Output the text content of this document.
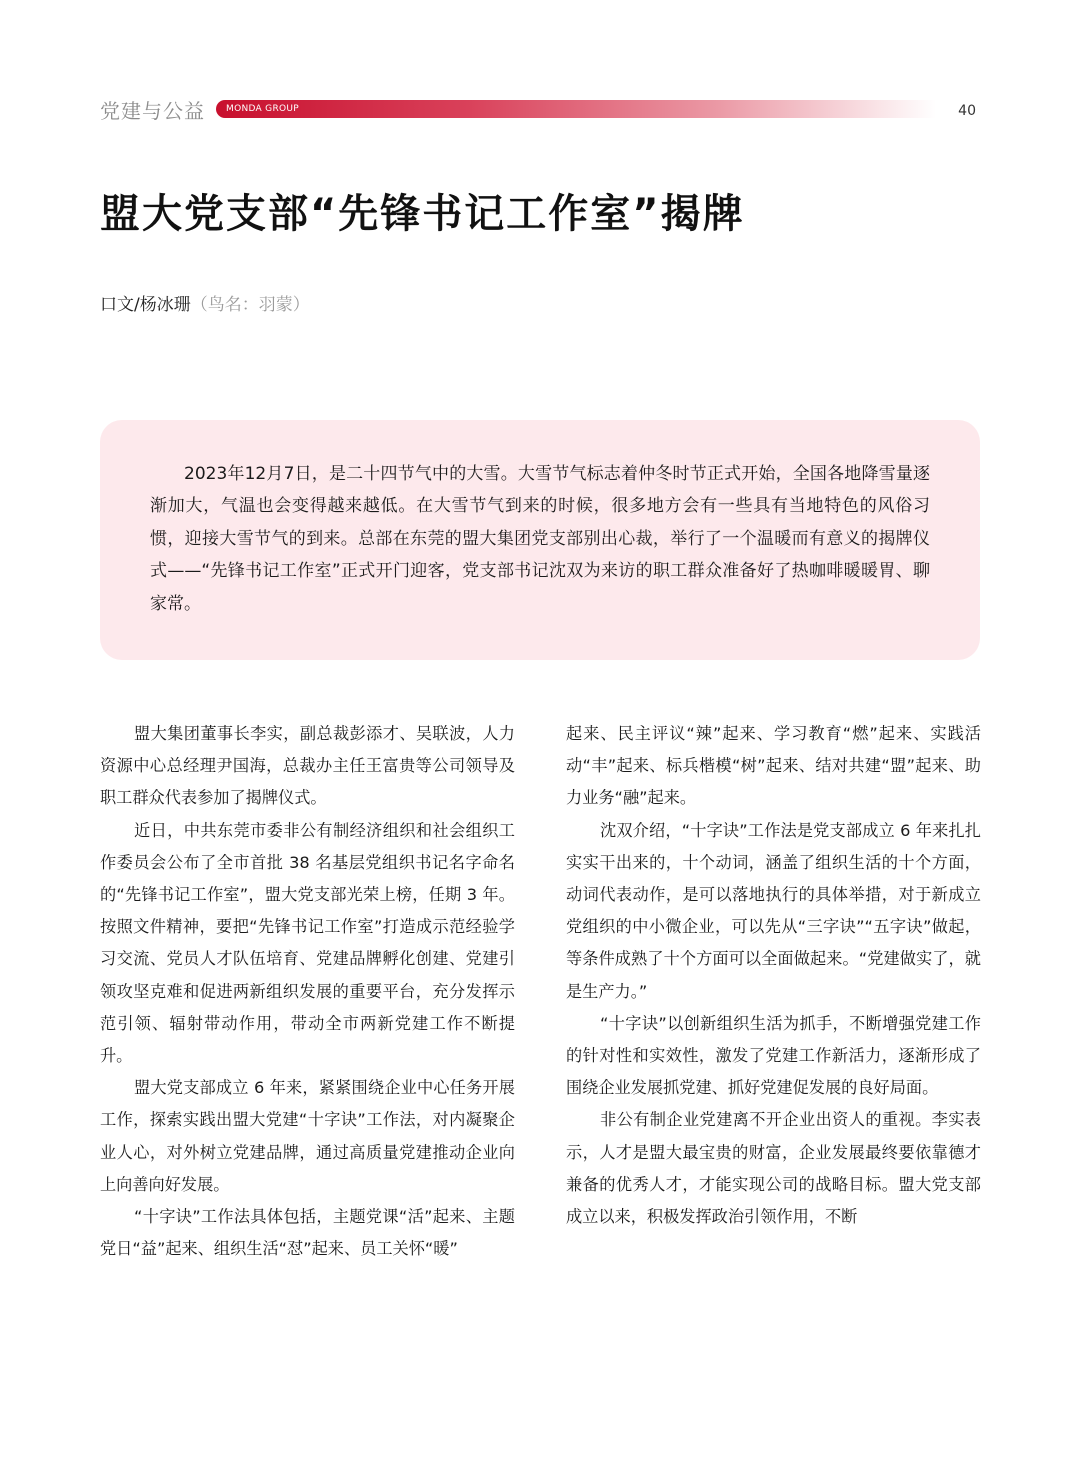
党建与公益 MONDA GROUP	40
盟大党支部“先锋书记工作室”揭牌
口文/杨冰珊（鸟名：羽蒙）

2023年12月7日，是二十四节气中的大雪。大雪节气标志着仲冬时节正式开始，全国各地降雪量逐渐加大，气温也会变得越来越低。在大雪节气到来的时候，很多地方会有一些具有当地特色的风俗习惯，迎接大雪节气的到来。总部在东莞的盟大集团党支部别出心裁，举行了一个温暖而有意义的揭牌仪式——“先锋书记工作室”正式开门迎客，党支部书记沈双为来访的职工群众准备好了热咖啡暖暖胃、聊家常。

盟大集团董事长李实，副总裁彭添才、吴联波，人力资源中心总经理尹国海，总裁办主任王富贵等公司领导及职工群众代表参加了揭牌仪式。

近日，中共东莞市委非公有制经济组织和社会组织工作委员会公布了全市首批 38 名基层党组织书记名字命名的“先锋书记工作室”，盟大党支部光荣上榜，任期 3 年。按照文件精神，要把“先锋书记工作室”打造成示范经验学习交流、党员人才队伍培育、党建品牌孵化创建、党建引领攻坚克难和促进两新组织发展的重要平台，充分发挥示范引领、辐射带动作用，带动全市两新党建工作不断提升。

盟大党支部成立 6 年来，紧紧围绕企业中心任务开展工作，探索实践出盟大党建“十字诀”工作法，对内凝聚企业人心，对外树立党建品牌，通过高质量党建推动企业向上向善向好发展。

“十字诀”工作法具体包括，主题党课“活”起来、主题党日“益”起来、组织生活“怼”起来、员工关怀“暖”

起来、民主评议“辣”起来、学习教育“燃”起来、实践活动“丰”起来、标兵楷模“树”起来、结对共建“盟”起来、助力业务“融”起来。

沈双介绍，“十字诀”工作法是党支部成立 6 年来扎扎实实干出来的，十个动词，涵盖了组织生活的十个方面，动词代表动作，是可以落地执行的具体举措，对于新成立党组织的中小微企业，可以先从“三字诀”“五字诀”做起，等条件成熟了十个方面可以全面做起来。“党建做实了，就是生产力。”

“十字诀”以创新组织生活为抓手，不断增强党建工作的针对性和实效性，激发了党建工作新活力，逐渐形成了围绕企业发展抓党建、抓好党建促发展的良好局面。

非公有制企业党建离不开企业出资人的重视。李实表示，人才是盟大最宝贵的财富，企业发展最终要依靠德才兼备的优秀人才，才能实现公司的战略目标。盟大党支部成立以来，积极发挥政治引领作用，不断
